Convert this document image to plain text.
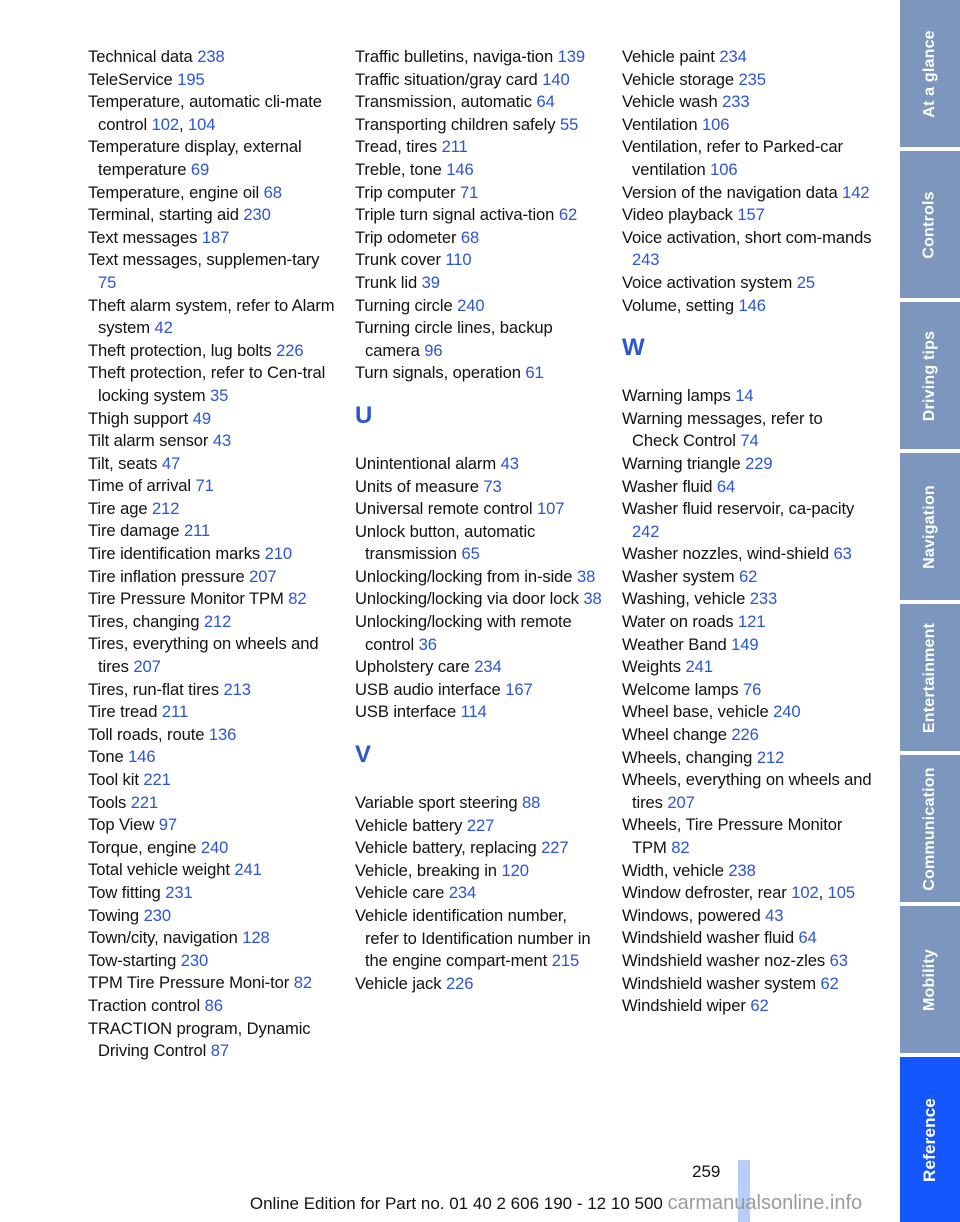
Technical data 238
TeleService 195
Temperature, automatic cli-mate control 102, 104
Temperature display, external temperature 69
Temperature, engine oil 68
Terminal, starting aid 230
Text messages 187
Text messages, supplemen-tary 75
Theft alarm system, refer to Alarm system 42
Theft protection, lug bolts 226
Theft protection, refer to Cen-tral locking system 35
Thigh support 49
Tilt alarm sensor 43
Tilt, seats 47
Time of arrival 71
Tire age 212
Tire damage 211
Tire identification marks 210
Tire inflation pressure 207
Tire Pressure Monitor TPM 82
Tires, changing 212
Tires, everything on wheels and tires 207
Tires, run-flat tires 213
Tire tread 211
Toll roads, route 136
Tone 146
Tool kit 221
Tools 221
Top View 97
Torque, engine 240
Total vehicle weight 241
Tow fitting 231
Towing 230
Town/city, navigation 128
Tow-starting 230
TPM Tire Pressure Moni-tor 82
Traction control 86
TRACTION program, Dynamic Driving Control 87
Traffic bulletins, naviga-tion 139
Traffic situation/gray card 140
Transmission, automatic 64
Transporting children safely 55
Tread, tires 211
Treble, tone 146
Trip computer 71
Triple turn signal activa-tion 62
Trip odometer 68
Trunk cover 110
Trunk lid 39
Turning circle 240
Turning circle lines, backup camera 96
Turn signals, operation 61
U
Unintentional alarm 43
Units of measure 73
Universal remote control 107
Unlock button, automatic transmission 65
Unlocking/locking from in-side 38
Unlocking/locking via door lock 38
Unlocking/locking with remote control 36
Upholstery care 234
USB audio interface 167
USB interface 114
V
Variable sport steering 88
Vehicle battery 227
Vehicle battery, replacing 227
Vehicle, breaking in 120
Vehicle care 234
Vehicle identification number, refer to Identification number in the engine compart-ment 215
Vehicle jack 226
Vehicle paint 234
Vehicle storage 235
Vehicle wash 233
Ventilation 106
Ventilation, refer to Parked-car ventilation 106
Version of the navigation data 142
Video playback 157
Voice activation, short com-mands 243
Voice activation system 25
Volume, setting 146
W
Warning lamps 14
Warning messages, refer to Check Control 74
Warning triangle 229
Washer fluid 64
Washer fluid reservoir, ca-pacity 242
Washer nozzles, wind-shield 63
Washer system 62
Washing, vehicle 233
Water on roads 121
Weather Band 149
Weights 241
Welcome lamps 76
Wheel base, vehicle 240
Wheel change 226
Wheels, changing 212
Wheels, everything on wheels and tires 207
Wheels, Tire Pressure Monitor TPM 82
Width, vehicle 238
Window defroster, rear 102, 105
Windows, powered 43
Windshield washer fluid 64
Windshield washer noz-zles 63
Windshield washer system 62
Windshield wiper 62
At a glance
Controls
Driving tips
Navigation
Entertainment
Communication
Mobility
Reference
259
Online Edition for Part no. 01 40 2 606 190 - 12 10 500 carmanualsonline.info
